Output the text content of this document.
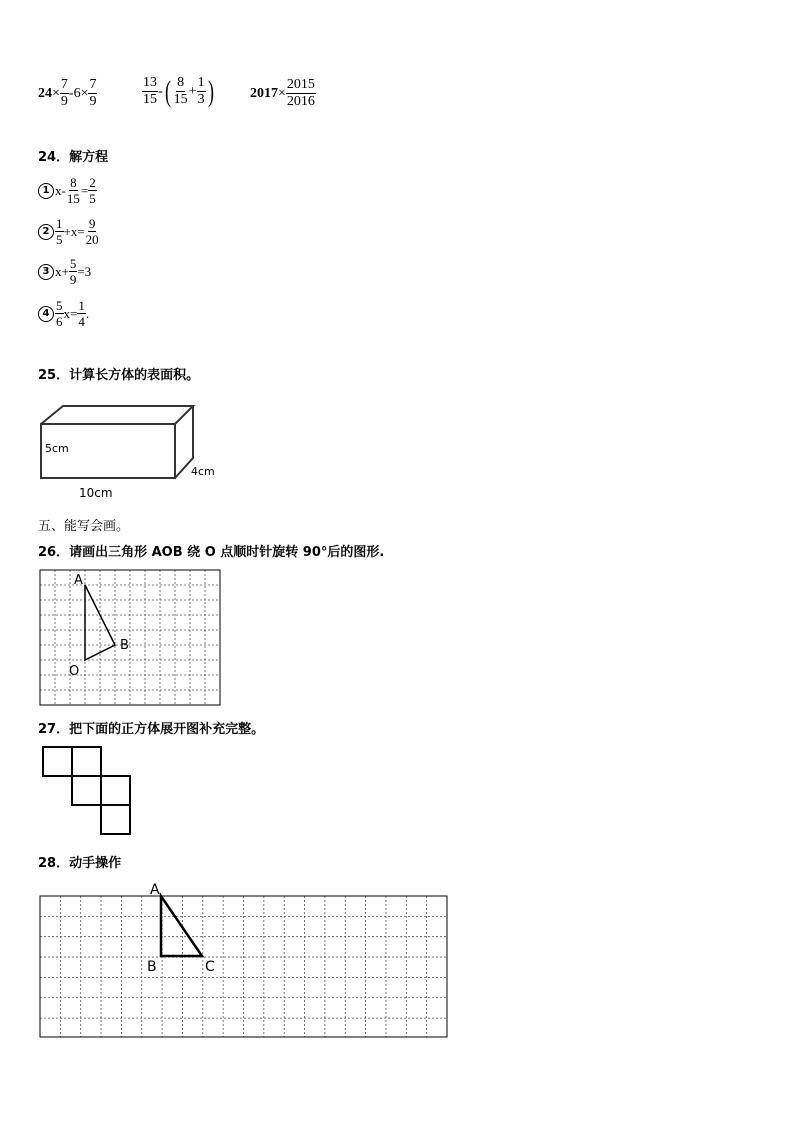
$24 \times \frac{7}{9} - 6 \times \frac{7}{9}$	$\frac{13}{15}$ - ( $\frac{8}{15} + \frac{1}{3}$ )	$2017 \times \frac{2015}{2016}$
24．解方程
1 $x- \frac{8}{15} = \frac{2}{5}$
$2 \frac{1}{5} +x= \frac{9}{20}$
3 $x+ \frac{5}{9} =3$
$4 \frac{5}{6} x= \frac{1}{4}$ .
25．计算长方体的表面积。
5cm
4cm
10cm
五、能写会画。
26．请画出三角形 AOB 绕 O 点顺时针旋转 90°后的图形.
A
B
O
27．把下面的正方体展开图补充完整。
28．动手操作
A
B	C
